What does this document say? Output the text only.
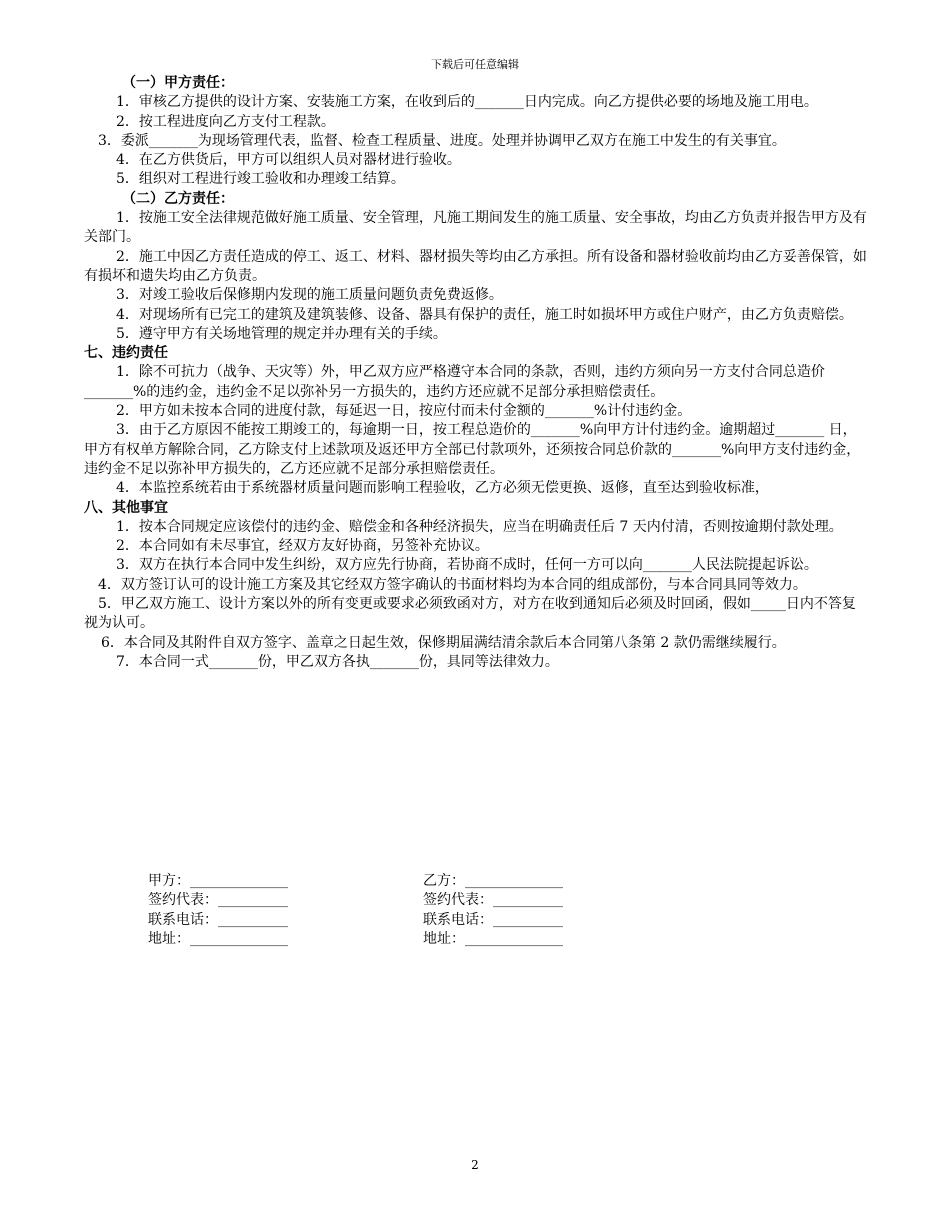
下载后可任意编辑

（一）甲方责任：

1．审核乙方提供的设计方案、安装施工方案，在收到后的_______日内完成。向乙方提供必要的场地及施工用电。

2．按工程进度向乙方支付工程款。

3．委派_______为现场管理代表，监督、检查工程质量、进度。处理并协调甲乙双方在施工中发生的有关事宜。

4．在乙方供货后，甲方可以组织人员对器材进行验收。

5．组织对工程进行竣工验收和办理竣工结算。

（二）乙方责任：

1．按施工安全法律规范做好施工质量、安全管理，凡施工期间发生的施工质量、安全事故，均由乙方负责并报告甲方及有关部门。

2．施工中因乙方责任造成的停工、返工、材料、器材损失等均由乙方承担。所有设备和器材验收前均由乙方妥善保管，如有损坏和遗失均由乙方负责。

3．对竣工验收后保修期内发现的施工质量问题负责免费返修。

4．对现场所有已完工的建筑及建筑装修、设备、器具有保护的责任，施工时如损坏甲方或住户财产，由乙方负责赔偿。

5．遵守甲方有关场地管理的规定并办理有关的手续。

七、违约责任

1．除不可抗力（战争、天灾等）外，甲乙双方应严格遵守本合同的条款，否则，违约方须向另一方支付合同总造价 _______%的违约金，违约金不足以弥补另一方损失的，违约方还应就不足部分承担赔偿责任。

2．甲方如未按本合同的进度付款，每延迟一日，按应付而未付金额的_______%计付违约金。

3．由于乙方原因不能按工期竣工的，每逾期一日，按工程总造价的_______%向甲方计付违约金。逾期超过_______ 日，甲方有权单方解除合同，乙方除支付上述款项及返还甲方全部已付款项外，还须按合同总价款的_______%向甲方支付违约金，违约金不足以弥补甲方损失的，乙方还应就不足部分承担赔偿责任。

4．本监控系统若由于系统器材质量问题而影响工程验收，乙方必须无偿更换、返修，直至达到验收标准，

八、其他事宜

1．按本合同规定应该偿付的违约金、赔偿金和各种经济损失，应当在明确责任后 7 天内付清，否则按逾期付款处理。

2．本合同如有未尽事宜，经双方友好协商，另签补充协议。

3．双方在执行本合同中发生纠纷，双方应先行协商，若协商不成时，任何一方可以向_______人民法院提起诉讼。

4．双方签订认可的设计施工方案及其它经双方签字确认的书面材料均为本合同的组成部份，与本合同具同等效力。

5．甲乙双方施工、设计方案以外的所有变更或要求必须致函对方，对方在收到通知后必须及时回函，假如_____日内不答复视为认可。

6．本合同及其附件自双方签字、盖章之日起生效，保修期届满结清余款后本合同第八条第 2 款仍需继续履行。

7．本合同一式_______份，甲乙双方各执_______份，具同等法律效力。

甲方：______________
签约代表：__________
联系电话：__________
地址：______________
乙方：______________
签约代表：__________
联系电话：__________
地址：______________
2
